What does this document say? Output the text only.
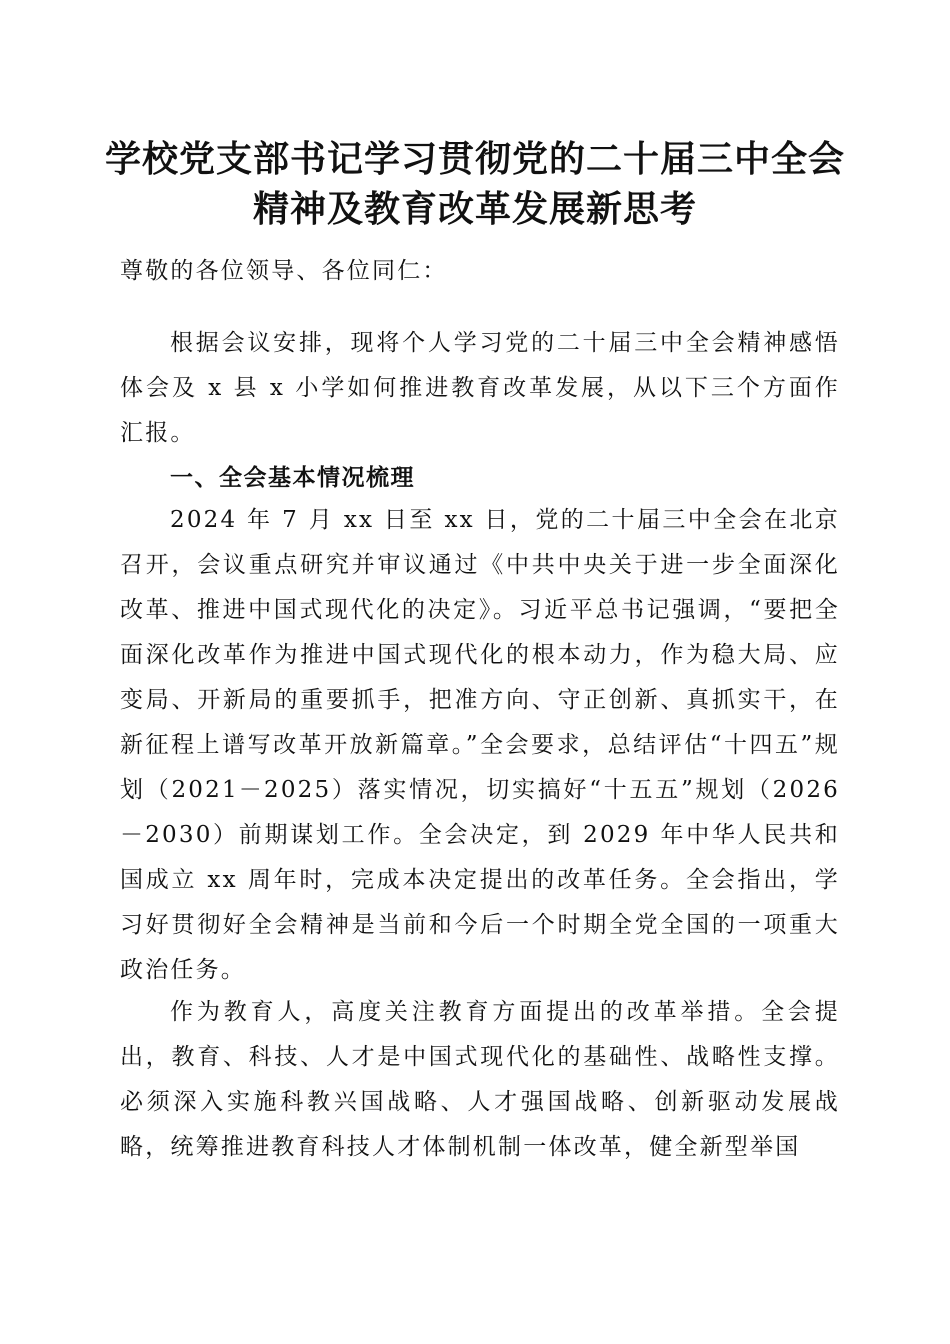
学校党支部书记学习贯彻党的二十届三中全会
精神及教育改革发展新思考

尊敬的各位领导、各位同仁：

根据会议安排，现将个人学习党的二十届三中全会精神感悟体会及 x 县 x 小学如何推进教育改革发展，从以下三个方面作汇报。

一、全会基本情况梳理

2024 年 7 月 xx 日至 xx 日，党的二十届三中全会在北京召开，会议重点研究并审议通过《中共中央关于进一步全面深化改革、推进中国式现代化的决定》。习近平总书记强调，“要把全面深化改革作为推进中国式现代化的根本动力，作为稳大局、应变局、开新局的重要抓手，把准方向、守正创新、真抓实干，在新征程上谱写改革开放新篇章。”全会要求，总结评估“十四五”规划（2021－2025）落实情况，切实搞好“十五五”规划（2026－2030）前期谋划工作。全会决定，到 2029 年中华人民共和国成立 xx 周年时，完成本决定提出的改革任务。全会指出，学习好贯彻好全会精神是当前和今后一个时期全党全国的一项重大政治任务。

作为教育人，高度关注教育方面提出的改革举措。全会提出，教育、科技、人才是中国式现代化的基础性、战略性支撑。必须深入实施科教兴国战略、人才强国战略、创新驱动发展战略，统筹推进教育科技人才体制机制一体改革，健全新型举国
